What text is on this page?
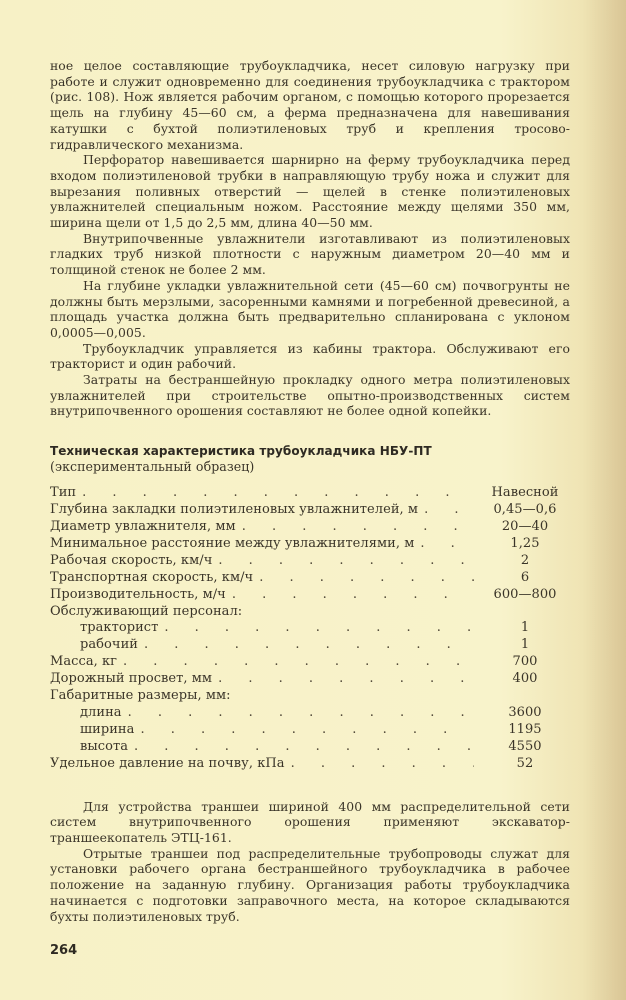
ное целое составляющие трубоукладчика, несет силовую нагрузку при работе и служит одновременно для соединения трубоукладчика с трактором (рис. 108). Нож является рабочим органом, с помощью которого прорезается щель на глубину 45—60 см, а ферма предназначена для навешивания катушки с бухтой полиэтиленовых труб и крепления тросово-гидравлического механизма.

Перфоратор навешивается шарнирно на ферму трубоукладчика перед входом полиэтиленовой трубки в направляющую трубу ножа и служит для вырезания поливных отверстий — щелей в стенке полиэтиленовых увлажнителей специальным ножом. Расстояние между щелями 350 мм, ширина щели от 1,5 до 2,5 мм, длина 40—50 мм.

Внутрипочвенные увлажнители изготавливают из полиэтиленовых гладких труб низкой плотности с наружным диаметром 20—40 мм и толщиной стенок не более 2 мм.

На глубине укладки увлажнительной сети (45—60 см) почвогрунты не должны быть мерзлыми, засоренными камнями и погребенной древесиной, а площадь участка должна быть предварительно спланирована с уклоном 0,0005—0,005.

Трубоукладчик управляется из кабины трактора. Обслуживают его тракторист и один рабочий.

Затраты на бестраншейную прокладку одного метра полиэтиленовых увлажнителей при строительстве опытно-производственных систем внутрипочвенного орошения составляют не более одной копейки.

Техническая характеристика трубоукладчика НБУ-ПТ
(экспериментальный образец)
Тип . . .	Навесной
Глубина закладки полиэтиленовых увлажнителей, м . . .	0,45—0,6
Диаметр увлажнителя, мм . . .	20—40
Минимальное расстояние между увлажнителями, м . . .	1,25
Рабочая скорость, км/ч . . .	2
Транспортная скорость, км/ч . . .	6
Производительность, м/ч . . .	600—800
Обслуживающий персонал:
тракторист . . .	1
рабочий . . .	1
Масса, кг . . .	700
Дорожный просвет, мм . . .	400
Габаритные размеры, мм:
длина . . .	3600
ширина . . .	1195
высота . . .	4550
Удельное давление на почву, кПа . . .	52

Для устройства траншеи шириной 400 мм распределительной сети систем внутрипочвенного орошения применяют экскаватор-траншеекопатель ЭТЦ-161.

Отрытые траншеи под распределительные трубопроводы служат для установки рабочего органа бестраншейного трубоукладчика в рабочее положение на заданную глубину. Организация работы трубоукладчика начинается с подготовки заправочного места, на которое складываются бухты полиэтиленовых труб.

264
